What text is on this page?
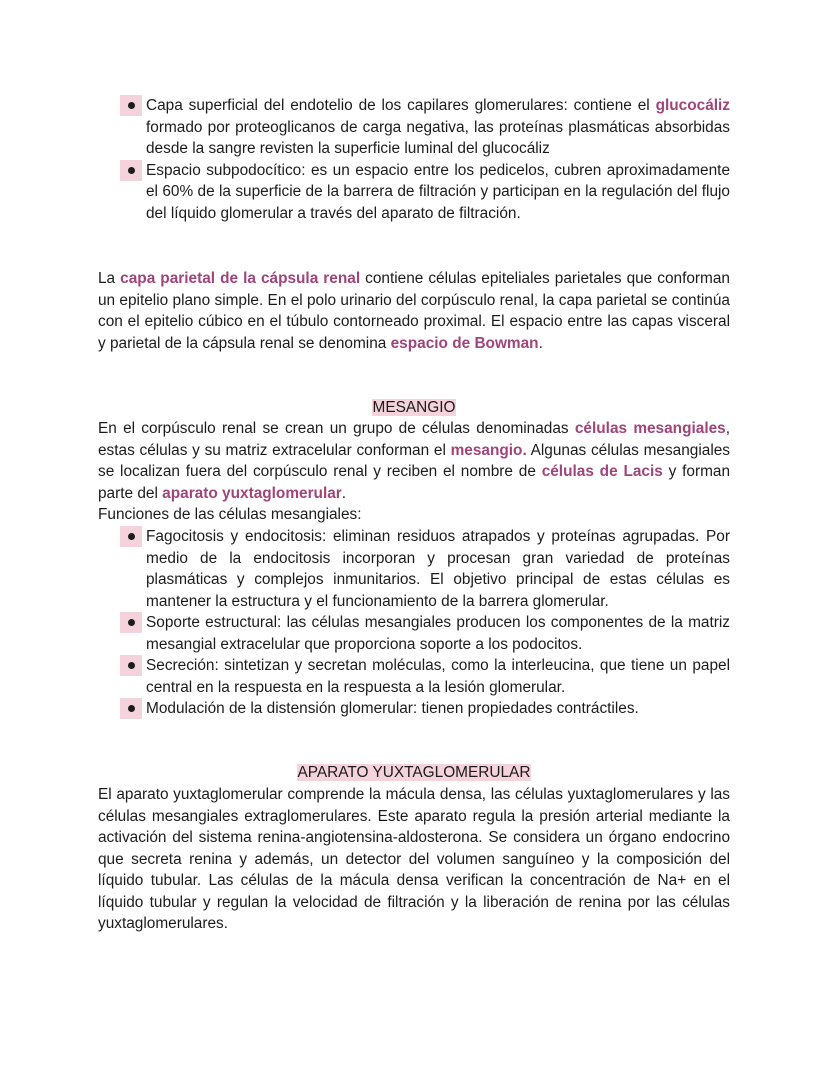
Capa superficial del endotelio de los capilares glomerulares: contiene el glucocáliz formado por proteoglicanos de carga negativa, las proteínas plasmáticas absorbidas desde la sangre revisten la superficie luminal del glucocáliz
Espacio subpodocítico: es un espacio entre los pedicelos, cubren aproximadamente el 60% de la superficie de la barrera de filtración y participan en la regulación del flujo del líquido glomerular a través del aparato de filtración.

La capa parietal de la cápsula renal contiene células epiteliales parietales que conforman un epitelio plano simple. En el polo urinario del corpúsculo renal, la capa parietal se continúa con el epitelio cúbico en el túbulo contorneado proximal. El espacio entre las capas visceral y parietal de la cápsula renal se denomina espacio de Bowman.

MESANGIO

En el corpúsculo renal se crean un grupo de células denominadas células mesangiales, estas células y su matriz extracelular conforman el mesangio. Algunas células mesangiales se localizan fuera del corpúsculo renal y reciben el nombre de células de Lacis y forman parte del aparato yuxtaglomerular.

Funciones de las células mesangiales:

Fagocitosis y endocitosis: eliminan residuos atrapados y proteínas agrupadas. Por medio de la endocitosis incorporan y procesan gran variedad de proteínas plasmáticas y complejos inmunitarios. El objetivo principal de estas células es mantener la estructura y el funcionamiento de la barrera glomerular.
Soporte estructural: las células mesangiales producen los componentes de la matriz mesangial extracelular que proporciona soporte a los podocitos.
Secreción: sintetizan y secretan moléculas, como la interleucina, que tiene un papel central en la respuesta en la respuesta a la lesión glomerular.
Modulación de la distensión glomerular: tienen propiedades contráctiles.

APARATO YUXTAGLOMERULAR

El aparato yuxtaglomerular comprende la mácula densa, las células yuxtaglomerulares y las células mesangiales extraglomerulares. Este aparato regula la presión arterial mediante la activación del sistema renina-angiotensina-aldosterona. Se considera un órgano endocrino que secreta renina y además, un detector del volumen sanguíneo y la composición del líquido tubular. Las células de la mácula densa verifican la concentración de Na+ en el líquido tubular y regulan la velocidad de filtración y la liberación de renina por las células yuxtaglomerulares.
